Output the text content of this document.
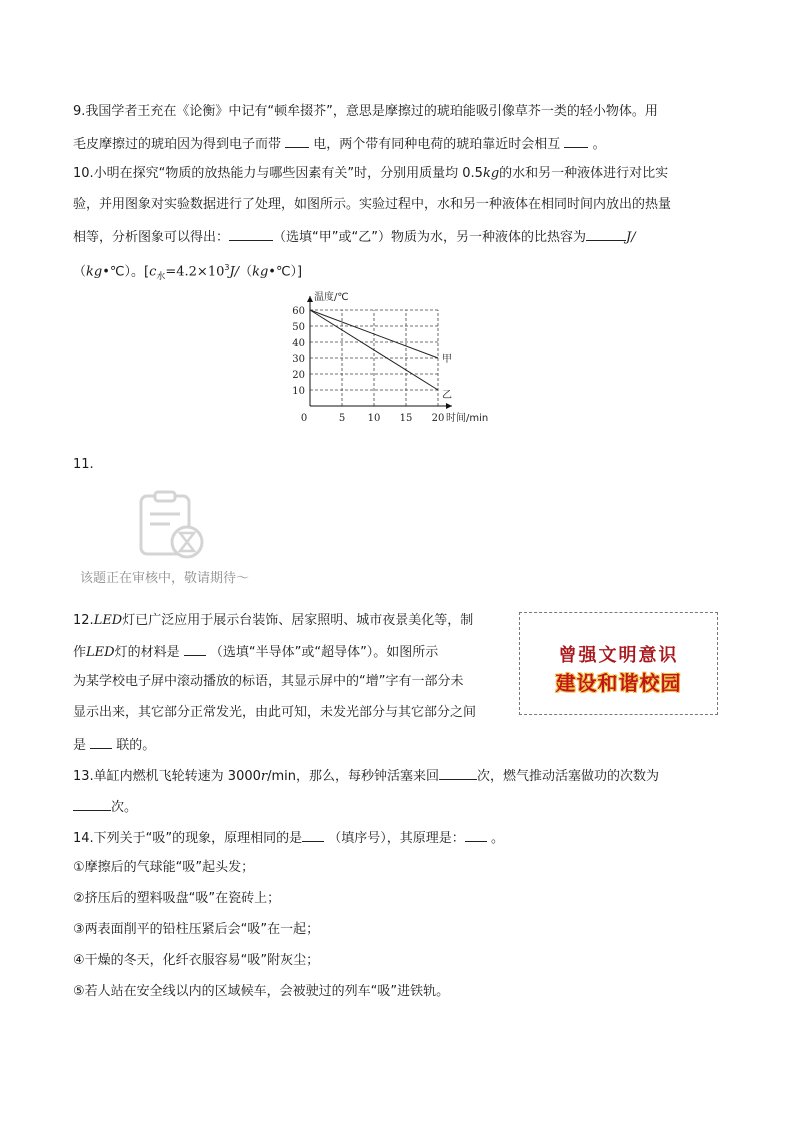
9.我国学者王充在《论衡》中记有“顿牟掇芥”，意思是摩擦过的琥珀能吸引像草芥一类的轻小物体。用
毛皮摩擦过的琥珀因为得到电子而带 电，两个带有同种电荷的琥珀靠近时会相互 。
10.小明在探究“物质的放热能力与哪些因素有关”时，分别用质量均 0.5kg的水和另一种液体进行对比实
验，并用图象对实验数据进行了处理，如图所示。实验过程中，水和另一种液体在相同时间内放出的热量
相等，分析图象可以得出：	（选填“甲”或“乙”）物质为水，另一种液体的比热容为	J/
（kg•℃）。$[c_水=4.2\times 10^3J/(kg•℃)]$
10
20
30
40
50
60
0	5 10 15 20
温度/℃
时间/min
甲
乙
11.
该题正在审核中，敬请期待～
12.LED灯已广泛应用于展示台装饰、居家照明、城市夜景美化等，制
作LED灯的材料是 （选填“半导体”或“超导体”）。如图所示
为某学校电子屏中滚动播放的标语，其显示屏中的“增”字有一部分未
显示出来，其它部分正常发光，由此可知，未发光部分与其它部分之间
是 联的。
曾强文明意识
建设和谐校园
13.单缸内燃机飞轮转速为 3000r/min，那么，每秒钟活塞来回	次，燃气推动活塞做功的次数为
次。
14.下列关于“吸”的现象，原理相同的是 （填序号），其原理是： 。
①摩擦后的气球能“吸”起头发；
②挤压后的塑料吸盘“吸”在瓷砖上；
③两表面削平的铅柱压紧后会“吸”在一起；
④干燥的冬天，化纤衣服容易“吸”附灰尘；
⑤若人站在安全线以内的区域候车，会被驶过的列车“吸”进铁轨。
